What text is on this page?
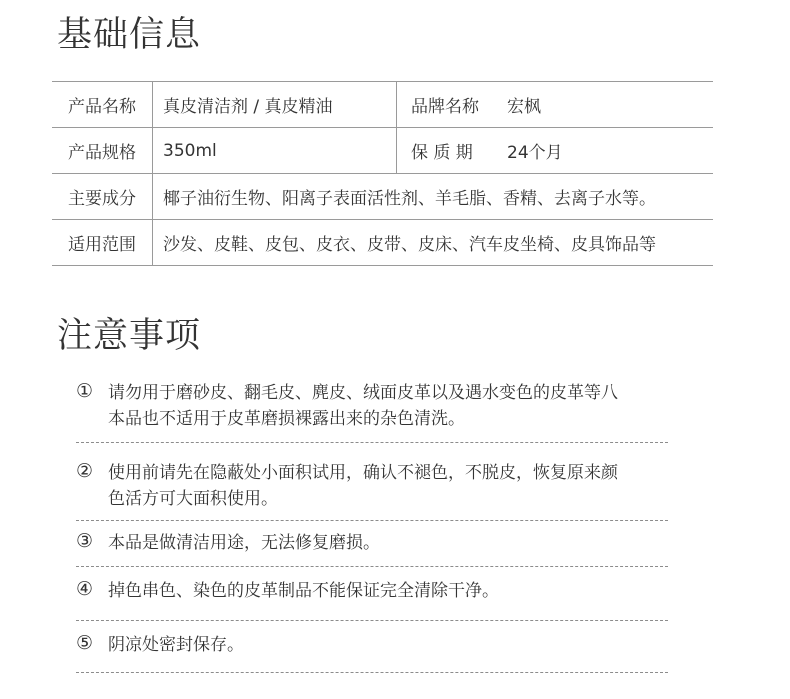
基础信息
产品名称	真皮清洁剂 / 真皮精油	品牌名称 宏枫
产品规格	350ml	保 质 期 24个月
主要成分	椰子油衍生物、阳离子表面活性剂、羊毛脂、香精、去离子水等。	
适用范围	沙发、皮鞋、皮包、皮衣、皮带、皮床、汽车皮坐椅、皮具饰品等	
注意事项
① 请勿用于磨砂皮、翻毛皮、麂皮、绒面皮革以及遇水变色的皮革等八
本品也不适用于皮革磨损裸露出来的杂色清洗。
② 使用前请先在隐蔽处小面积试用，确认不褪色，不脱皮，恢复原来颜
色活方可大面积使用。
③ 本品是做清洁用途，无法修复磨损。
④ 掉色串色、染色的皮革制品不能保证完全清除干净。
⑤ 阴凉处密封保存。
